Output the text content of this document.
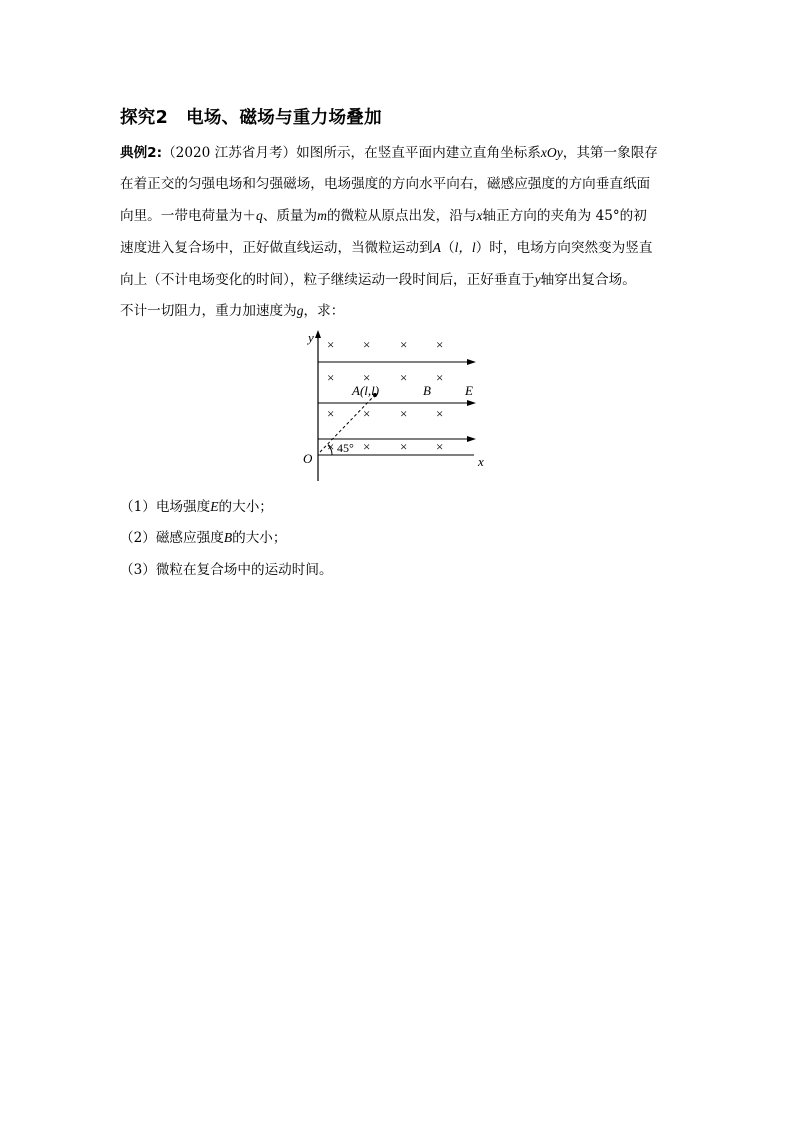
探究2 电场、磁场与重力场叠加
典例2:（2020 江苏省月考）如图所示，在竖直平面内建立直角坐标系xOy，其第一象限存
在着正交的匀强电场和匀强磁场，电场强度的方向水平向右，磁感应强度的方向垂直纸面
向里。一带电荷量为＋q、质量为m的微粒从原点出发，沿与x轴正方向的夹角为 45°的初
速度进入复合场中，正好做直线运动，当微粒运动到A（l，l）时，电场方向突然变为竖直
向上（不计电场变化的时间），粒子继续运动一段时间后，正好垂直于y轴穿出复合场。
不计一切阻力，重力加速度为g，求：
y
x
O
× × × ×
× × × ×
× × × ×
× × × ×
A(l,l)	B	E
45°
（1）电场强度E的大小；
（2）磁感应强度B的大小；
（3）微粒在复合场中的运动时间。
